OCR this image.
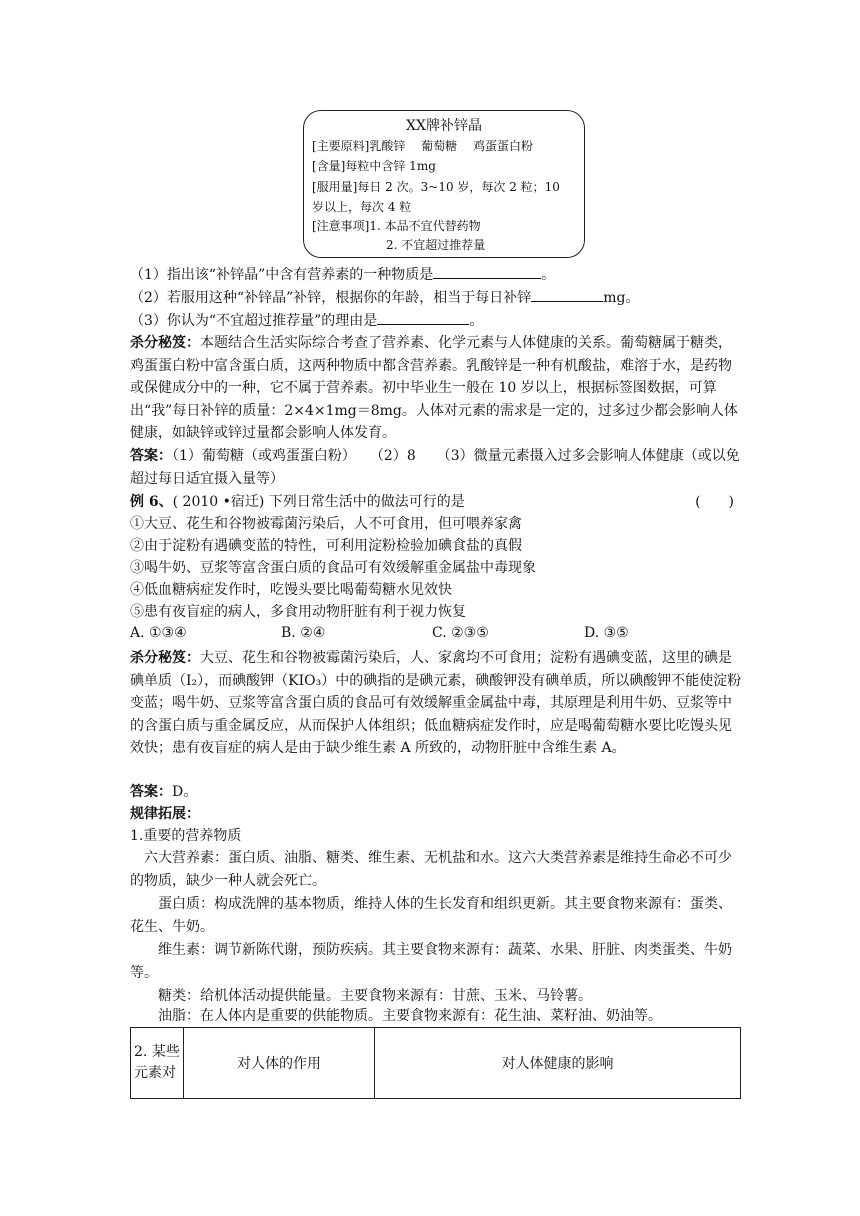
XX牌补锌晶
[主要原料]乳酸锌　 葡萄糖　 鸡蛋蛋白粉
[含量]每粒中含锌 1mg
[服用量]每日 2 次。3~10 岁，每次 2 粒；10
岁以上，每次 4 粒
[注意事项]1. 本品不宜代替药物
2. 不宜超过推荐量
（1）指出该“补锌晶”中含有营养素的一种物质是	。
（2）若服用这种“补锌晶”补锌，根据你的年龄，相当于每日补锌	mg。
（3）你认为“不宜超过推荐量”的理由是	。
杀分秘笈：本题结合生活实际综合考查了营养素、化学元素与人体健康的关系。葡萄糖属于糖类，鸡蛋蛋白粉中富含蛋白质，这两种物质中都含营养素。乳酸锌是一种有机酸盐，难溶于水，是药物或保健成分中的一种，它不属于营养素。初中毕业生一般在 10 岁以上，根据标签图数据，可算出“我”每日补锌的质量：2×4×1mg＝8mg。人体对元素的需求是一定的，过多过少都会影响人体健康，如缺锌或锌过量都会影响人体发育。
答案：（1）葡萄糖（或鸡蛋蛋白粉）　　（2）8　　（3）微量元素摄入过多会影响人体健康（或以免超过每日适宜摄入量等）
例 6、( 2010 •宿迁) 下列日常生活中的做法可行的是	(　　)
①大豆、花生和谷物被霉菌污染后，人不可食用，但可喂养家禽
②由于淀粉有遇碘变蓝的特性，可利用淀粉检验加碘食盐的真假
③喝牛奶、豆浆等富含蛋白质的食品可有效缓解重金属盐中毒现象
④低血糖病症发作时，吃馒头要比喝葡萄糖水见效快
⑤患有夜盲症的病人，多食用动物肝脏有利于视力恢复
A. ①③④	B. ②④	C. ②③⑤	D. ③⑤
杀分秘笈：大豆、花生和谷物被霉菌污染后，人、家禽均不可食用；淀粉有遇碘变蓝，这里的碘是碘单质（I₂），而碘酸钾（KIO₃）中的碘指的是碘元素，碘酸钾没有碘单质，所以碘酸钾不能使淀粉变蓝；喝牛奶、豆浆等富含蛋白质的食品可有效缓解重金属盐中毒，其原理是利用牛奶、豆浆等中的含蛋白质与重金属反应，从而保护人体组织；低血糖病症发作时，应是喝葡萄糖水要比吃馒头见效快；患有夜盲症的病人是由于缺少维生素 A 所致的，动物肝脏中含维生素 A。
答案：D。
规律拓展：
1.重要的营养物质
六大营养素：蛋白质、油脂、糖类、维生素、无机盐和水。这六大类营养素是维持生命必不可少的物质，缺少一种人就会死亡。
蛋白质：构成洗牌的基本物质，维持人体的生长发育和组织更新。其主要食物来源有：蛋类、花生、牛奶。
维生素：调节新陈代谢，预防疾病。其主要食物来源有：蔬菜、水果、肝脏、肉类蛋类、牛奶等。
糖类：给机体活动提供能量。主要食物来源有：甘蔗、玉米、马铃薯。
油脂：在人体内是重要的供能物质。主要食物来源有：花生油、菜籽油、奶油等。
2. 某些元素对	对人体的作用	对人体健康的影响
